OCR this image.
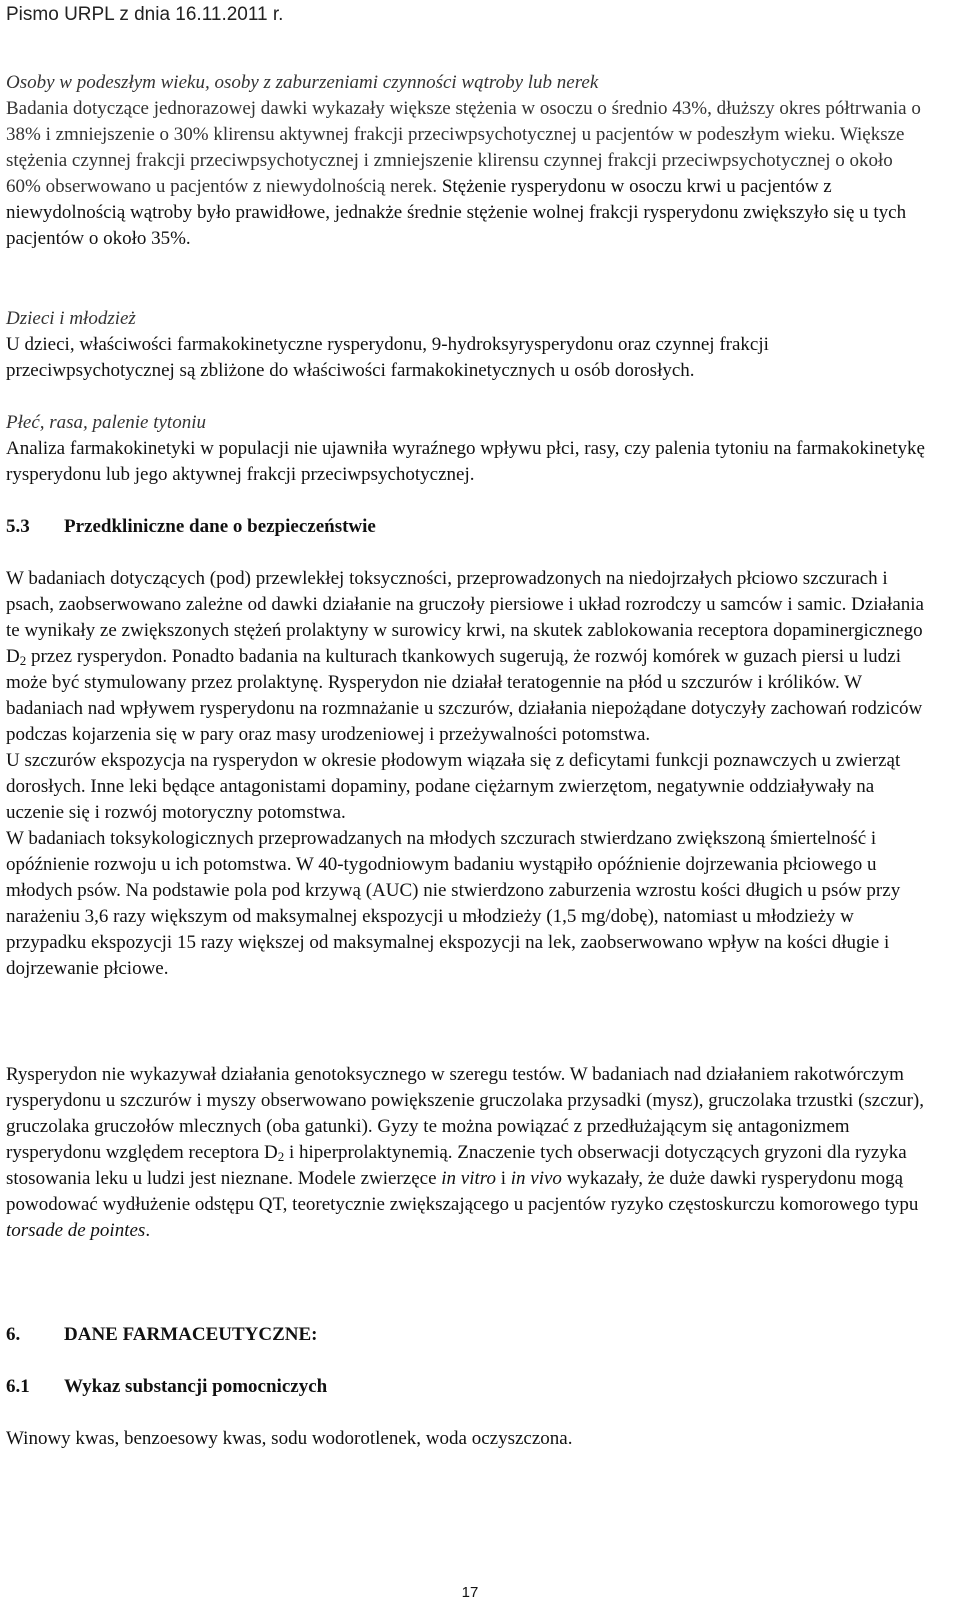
Pismo URPL z dnia 16.11.2011 r.

Osoby w podeszłym wieku, osoby z zaburzeniami czynności wątroby lub nerek

Badania dotyczące jednorazowej dawki wykazały większe stężenia w osoczu o średnio 43%, dłuższy okres półtrwania o 38% i zmniejszenie o 30% klirensu aktywnej frakcji przeciwpsychotycznej u pacjentów w podeszłym wieku. Większe stężenia czynnej frakcji przeciwpsychotycznej i zmniejszenie klirensu czynnej frakcji przeciwpsychotycznej o około 60% obserwowano u pacjentów z niewydolnością nerek. Stężenie rysperydonu w osoczu krwi u pacjentów z niewydolnością wątroby było prawidłowe, jednakże średnie stężenie wolnej frakcji rysperydonu zwiększyło się u tych pacjentów o około 35%.

Dzieci i młodzież

U dzieci, właściwości farmakokinetyczne rysperydonu, 9-hydroksyrysperydonu oraz czynnej frakcji przeciwpsychotycznej są zbliżone do właściwości farmakokinetycznych u osób dorosłych.

Płeć, rasa, palenie tytoniu

Analiza farmakokinetyki w populacji nie ujawniła wyraźnego wpływu płci, rasy, czy palenia tytoniu na farmakokinetykę rysperydonu lub jego aktywnej frakcji przeciwpsychotycznej.

5.3 Przedkliniczne dane o bezpieczeństwie

W badaniach dotyczących (pod) przewlekłej toksyczności, przeprowadzonych na niedojrzałych płciowo szczurach i psach, zaobserwowano zależne od dawki działanie na gruczoły piersiowe i układ rozrodczy u samców i samic. Działania te wynikały ze zwiększonych stężeń prolaktyny w surowicy krwi, na skutek zablokowania receptora dopaminergicznego $D_2$ przez rysperydon. Ponadto badania na kulturach tkankowych sugerują, że rozwój komórek w guzach piersi u ludzi może być stymulowany przez prolaktynę. Rysperydon nie działał teratogennie na płód u szczurów i królików. W badaniach nad wpływem rysperydonu na rozmnażanie u szczurów, działania niepożądane dotyczyły zachowań rodziców podczas kojarzenia się w pary oraz masy urodzeniowej i przeżywalności potomstwa.

U szczurów ekspozycja na rysperydon w okresie płodowym wiązała się z deficytami funkcji poznawczych u zwierząt dorosłych. Inne leki będące antagonistami dopaminy, podane ciężarnym zwierzętom, negatywnie oddziaływały na uczenie się i rozwój motoryczny potomstwa.

W badaniach toksykologicznych przeprowadzanych na młodych szczurach stwierdzano zwiększoną śmiertelność i opóźnienie rozwoju u ich potomstwa. W 40-tygodniowym badaniu wystąpiło opóźnienie dojrzewania płciowego u młodych psów. Na podstawie pola pod krzywą (AUC) nie stwierdzono zaburzenia wzrostu kości długich u psów przy narażeniu 3,6 razy większym od maksymalnej ekspozycji u młodzieży (1,5 mg/dobę), natomiast u młodzieży w przypadku ekspozycji 15 razy większej od maksymalnej ekspozycji na lek, zaobserwowano wpływ na kości długie i dojrzewanie płciowe.

Rysperydon nie wykazywał działania genotoksycznego w szeregu testów. W badaniach nad działaniem rakotwórczym rysperydonu u szczurów i myszy obserwowano powiększenie gruczolaka przysadki (mysz), gruczolaka trzustki (szczur), gruczolaka gruczołów mlecznych (oba gatunki). Gyzy te można powiązać z przedłużającym się antagonizmem rysperydonu względem receptora $D_2$ i hiperprolaktynemią. Znaczenie tych obserwacji dotyczących gryzoni dla ryzyka stosowania leku u ludzi jest nieznane. Modele zwierzęce in vitro i in vivo wykazały, że duże dawki rysperydonu mogą powodować wydłużenie odstępu QT, teoretycznie zwiększającego u pacjentów ryzyko częstoskurczu komorowego typu torsade de pointes.

6. DANE FARMACEUTYCZNE:
6.1 Wykaz substancji pomocniczych

Winowy kwas, benzoesowy kwas, sodu wodorotlenek, woda oczyszczona.

17
